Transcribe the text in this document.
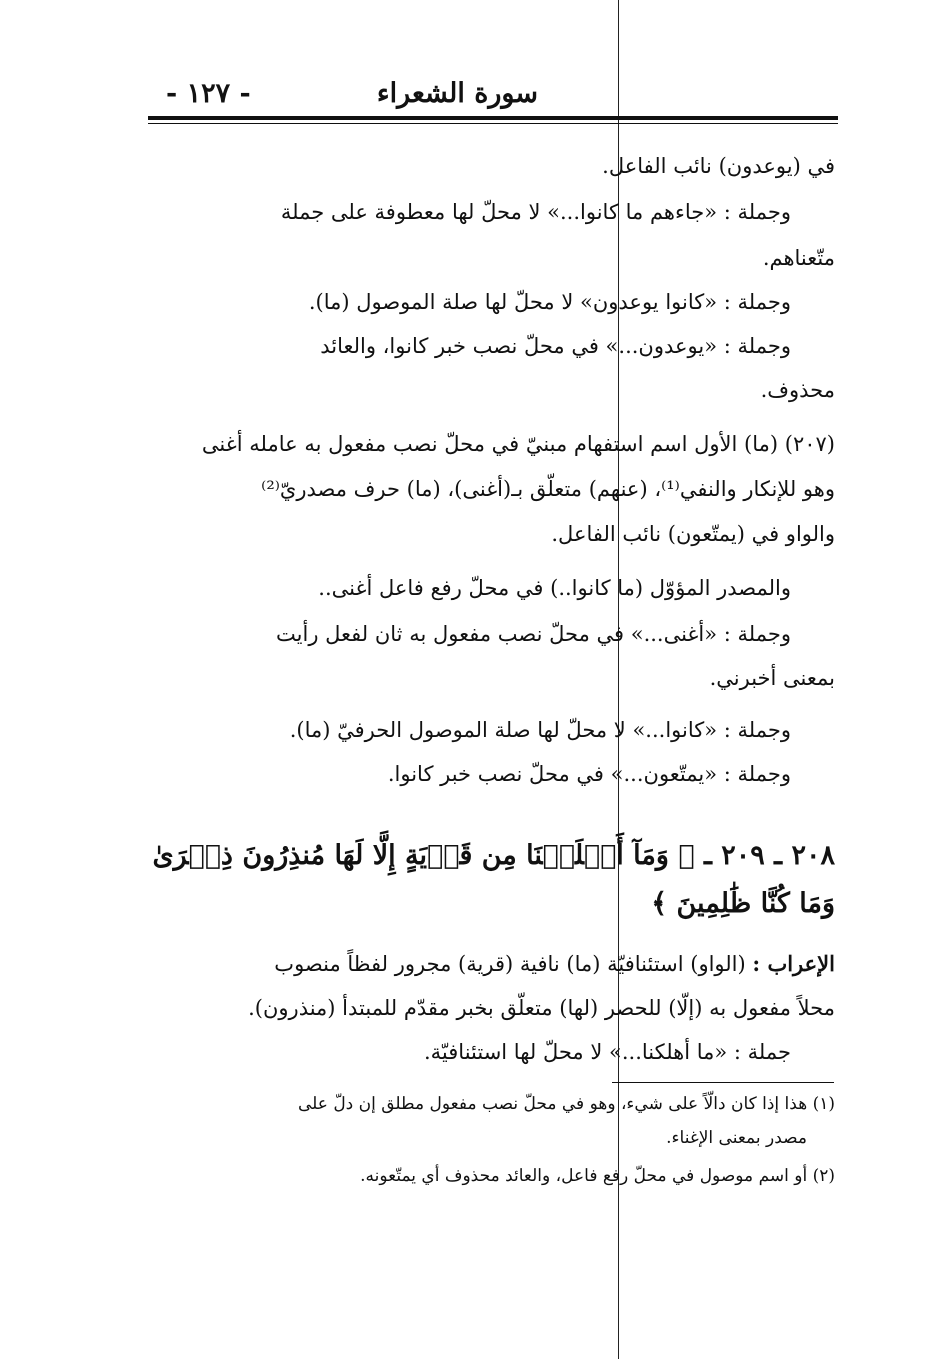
سورة الشعراء
- ١٢٧ -
في (يوعدون) نائب الفاعل.
وجملة : «جاءهم ما كانوا...» لا محلّ لها معطوفة على جملة
متّعناهم.
وجملة : «كانوا يوعدون» لا محلّ لها صلة الموصول (ما).
وجملة : «يوعدون...» في محلّ نصب خبر كانوا، والعائد
محذوف.
(٢٠٧) (ما) الأول اسم استفهام مبنيّ في محلّ نصب مفعول به عامله أغنى
وهو للإنكار والنفي⁽¹⁾، (عنهم) متعلّق بـ(أغنى)، (ما) حرف مصدريّ⁽²⁾
والواو في (يمتّعون) نائب الفاعل.
والمصدر المؤوّل (ما كانوا..) في محلّ رفع فاعل أغنى..
وجملة : «أغنى...» في محلّ نصب مفعول به ثان لفعل رأيت
بمعنى أخبرني.
وجملة : «كانوا...» لا محلّ لها صلة الموصول الحرفيّ (ما).
وجملة : «يمتّعون...» في محلّ نصب خبر كانوا.
٢٠٨ ـ ٢٠٩ ـ ﴿ وَمَآ أَهۡلَكۡنَا مِن قَرۡيَةٍ إِلَّا لَهَا مُنذِرُونَ ذِكۡرَىٰ
وَمَا كُنَّا ظَٰلِمِينَ ﴾
الإعراب : (الواو) استئنافيّة (ما) نافية (قرية) مجرور لفظاً منصوب
محلاً مفعول به (إلّا) للحصر (لها) متعلّق بخبر مقدّم للمبتدأ (منذرون).
جملة : «ما أهلكنا...» لا محلّ لها استئنافيّة.
(١) هذا إذا كان دالّاً على شيء، وهو في محلّ نصب مفعول مطلق إن دلّ على
مصدر بمعنى الإغناء.
(٢) أو اسم موصول في محلّ رفع فاعل، والعائد محذوف أي يمتّعونه.
